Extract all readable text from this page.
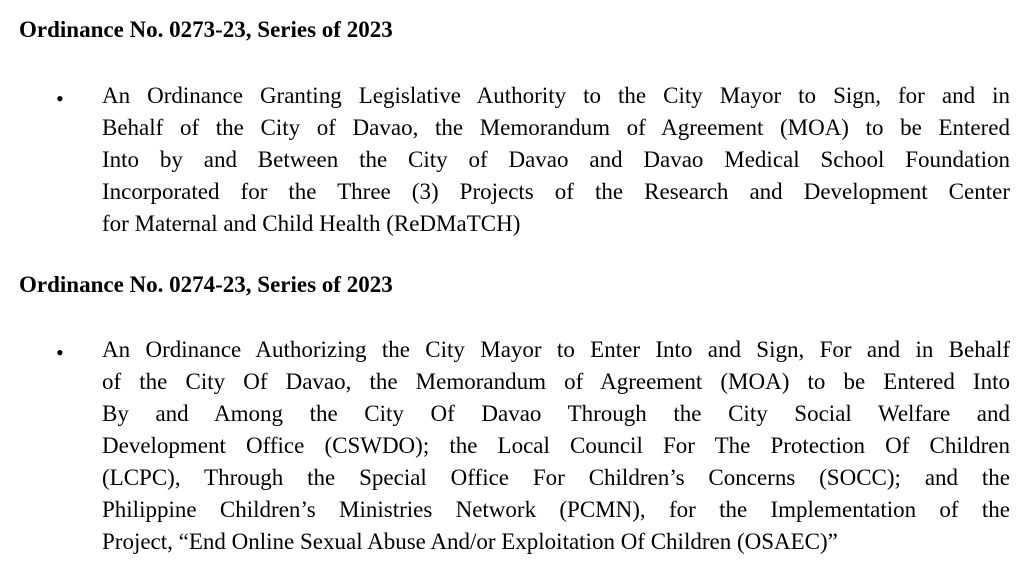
Ordinance No. 0273-23, Series of 2023
• An Ordinance Granting Legislative Authority to the City Mayor to Sign, for and in
Behalf of the City of Davao, the Memorandum of Agreement (MOA) to be Entered
Into by and Between the City of Davao and Davao Medical School Foundation
Incorporated for the Three (3) Projects of the Research and Development Center
for Maternal and Child Health (ReDMaTCH)
Ordinance No. 0274-23, Series of 2023
• An Ordinance Authorizing the City Mayor to Enter Into and Sign, For and in Behalf
of the City Of Davao, the Memorandum of Agreement (MOA) to be Entered Into
By and Among the City Of Davao Through the City Social Welfare and
Development Office (CSWDO); the Local Council For The Protection Of Children
(LCPC), Through the Special Office For Children’s Concerns (SOCC); and the
Philippine Children’s Ministries Network (PCMN), for the Implementation of the
Project, “End Online Sexual Abuse And/or Exploitation Of Children (OSAEC)”
